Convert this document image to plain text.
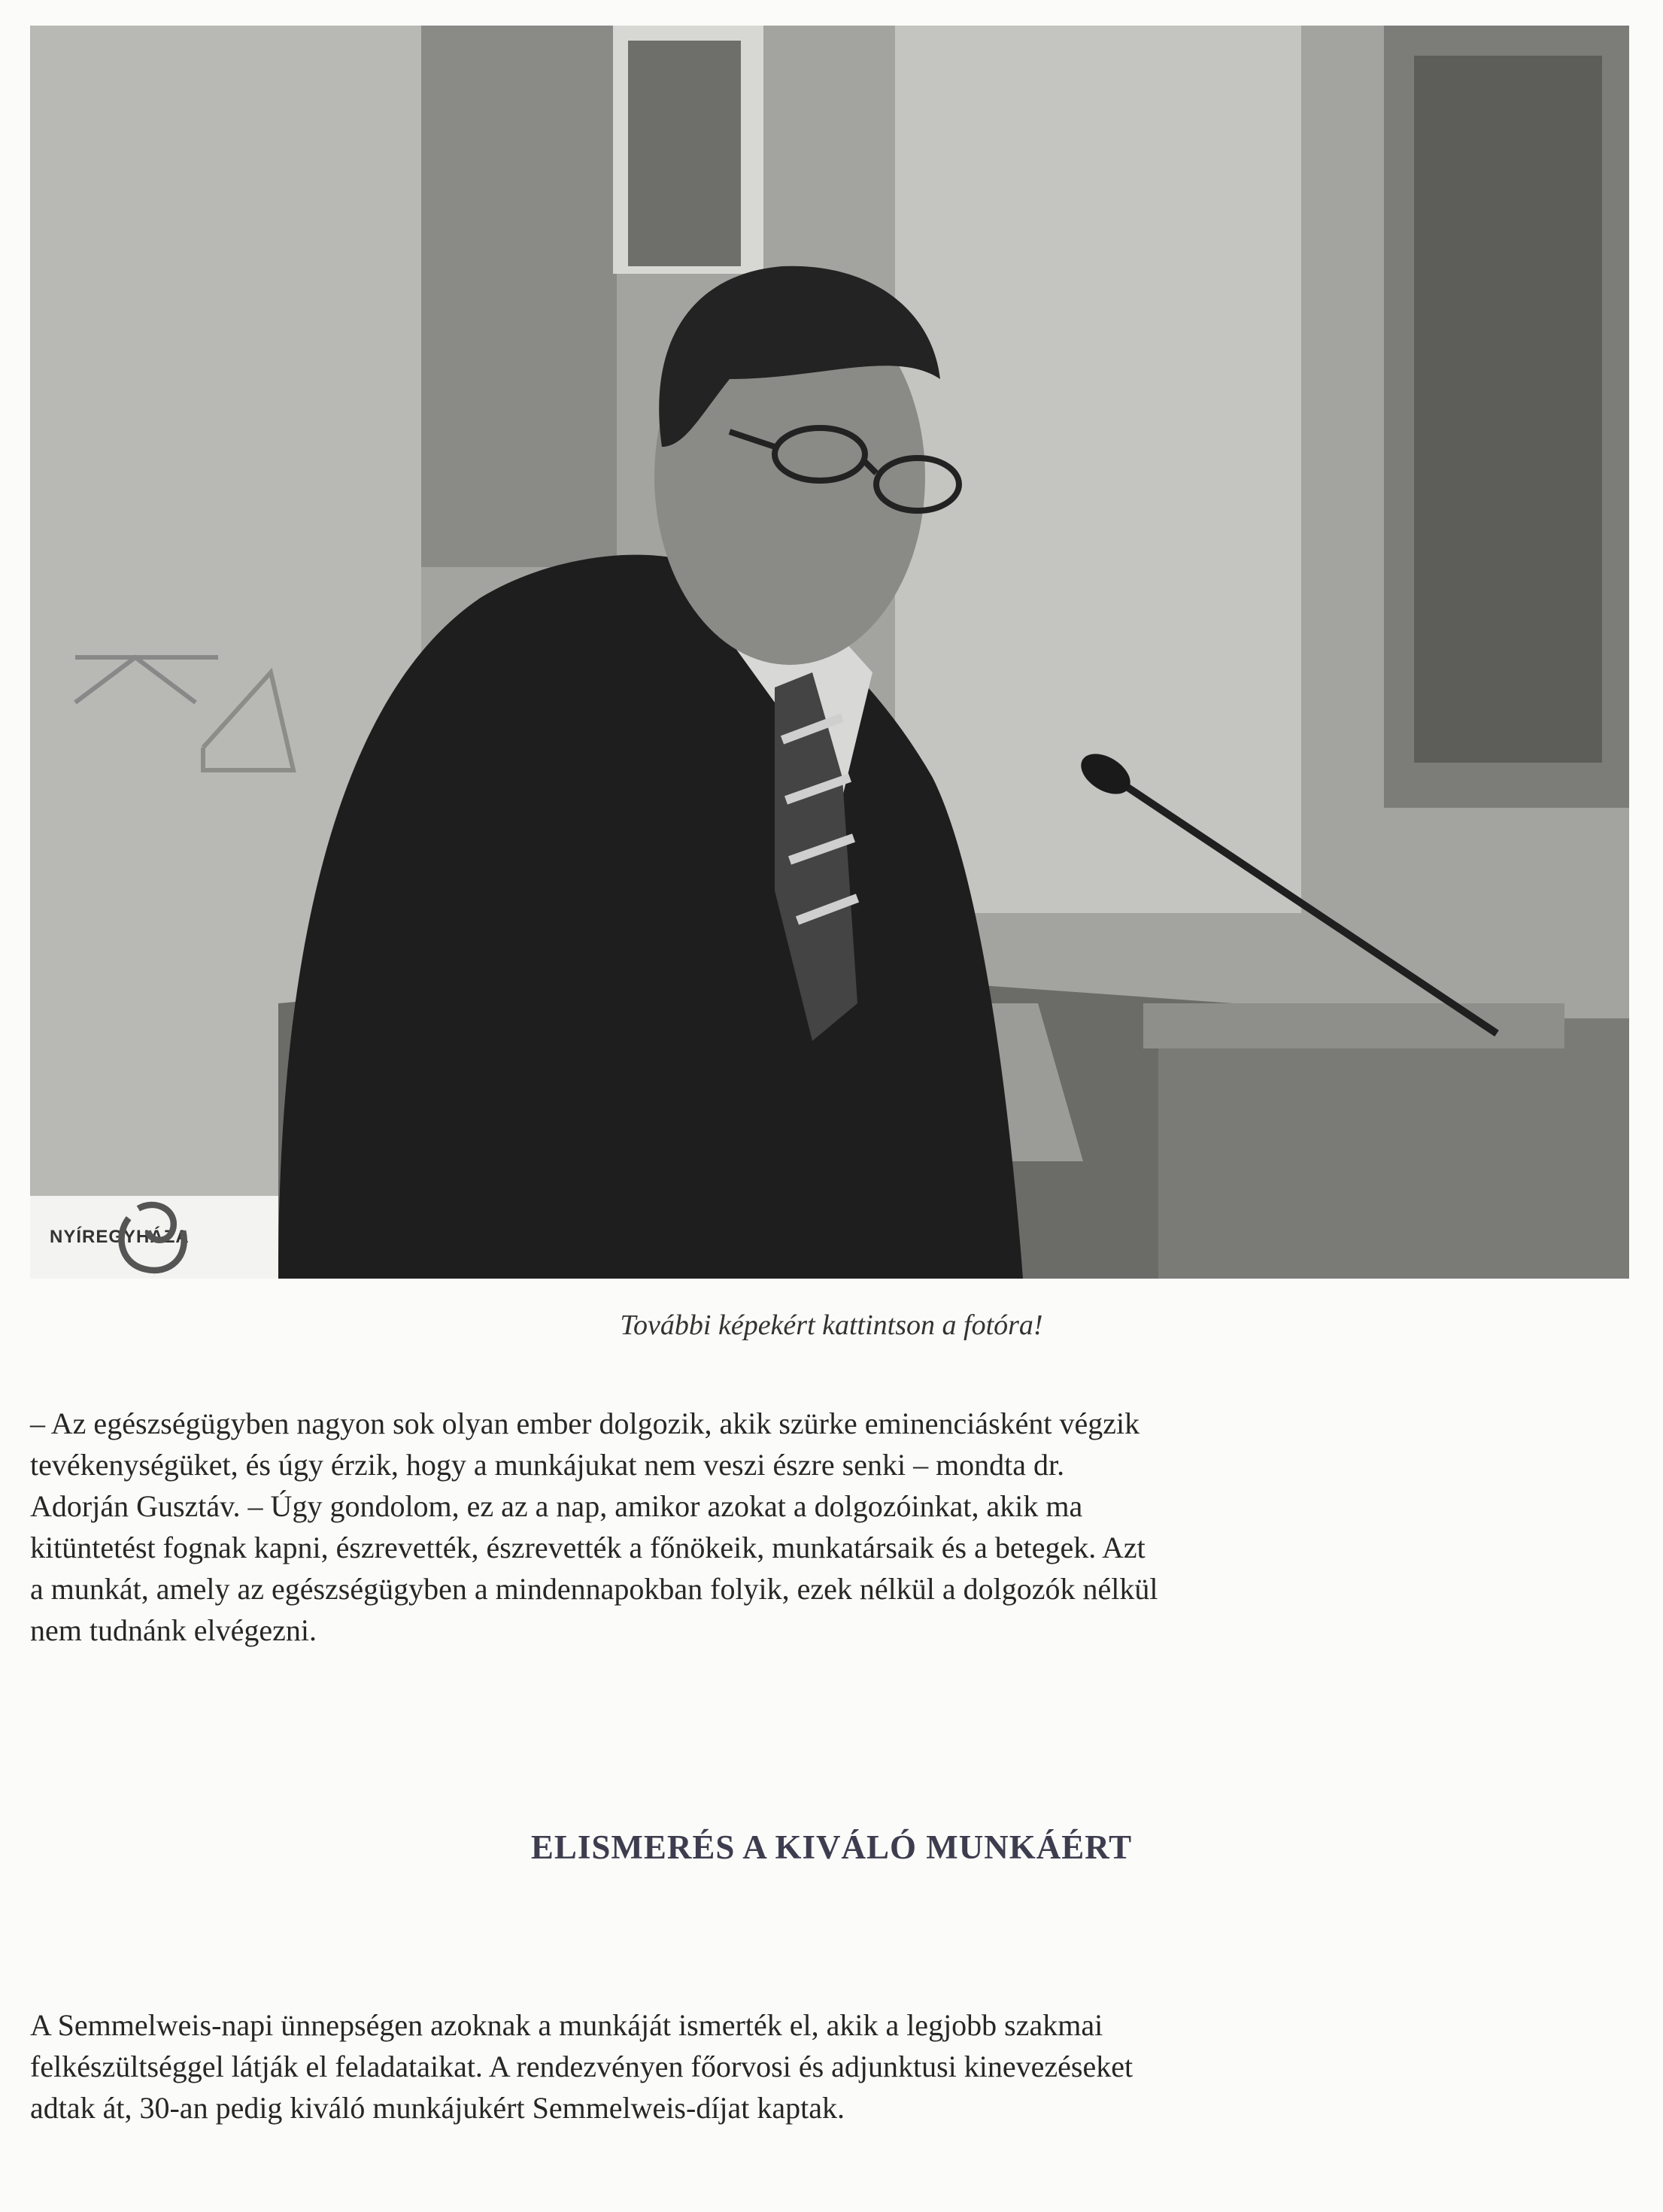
NYÍREGYHÁZA
További képekért kattintson a fotóra!
– Az egészségügyben nagyon sok olyan ember dolgozik, akik szürke eminenciásként végzik
tevékenységüket, és úgy érzik, hogy a munkájukat nem veszi észre senki – mondta dr.
Adorján Gusztáv. – Úgy gondolom, ez az a nap, amikor azokat a dolgozóinkat, akik ma
kitüntetést fognak kapni, észrevették, észrevették a főnökeik, munkatársaik és a betegek. Azt
a munkát, amely az egészségügyben a mindennapokban folyik, ezek nélkül a dolgozók nélkül
nem tudnánk elvégezni.
ELISMERÉS A KIVÁLÓ MUNKÁÉRT
A Semmelweis-napi ünnepségen azoknak a munkáját ismerték el, akik a legjobb szakmai
felkészültséggel látják el feladataikat. A rendezvényen főorvosi és adjunktusi kinevezéseket
adtak át, 30-an pedig kiváló munkájukért Semmelweis-díjat kaptak.
